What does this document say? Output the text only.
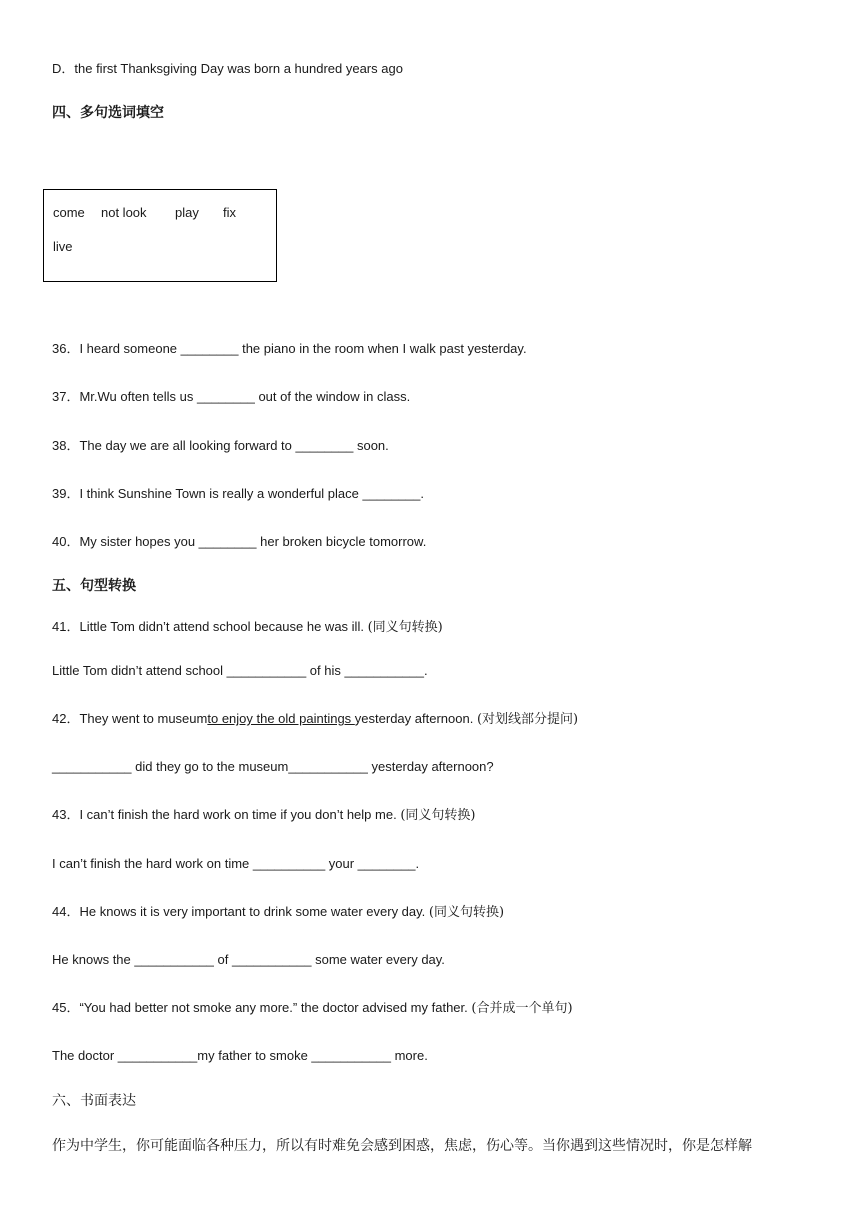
D．the first Thanksgiving Day was born a hundred years ago
四、多句选词填空
come not look play fix
live
36．I heard someone ________ the piano in the room when I walk past yesterday.
37．Mr.Wu often tells us ________ out of the window in class.
38．The day we are all looking forward to ________ soon.
39．I think Sunshine Town is really a wonderful place ________.
40．My sister hopes you ________ her broken bicycle tomorrow.
五、句型转换
41．Little Tom didn’t attend school because he was ill. (同义句转换)
Little Tom didn’t attend school ___________ of his ___________.
42．They went to museumto enjoy the old paintings yesterday afternoon. (对划线部分提问)
___________ did they go to the museum___________ yesterday afternoon?
43．I can’t finish the hard work on time if you don’t help me. (同义句转换)
I can’t finish the hard work on time __________ your ________.
44．He knows it is very important to drink some water every day. (同义句转换)
He knows the ___________ of ___________ some water every day.
45．“You had better not smoke any more.” the doctor advised my father. (合并成一个单句)
The doctor ___________my father to smoke ___________ more.
六、书面表达
作为中学生，你可能面临各种压力，所以有时难免会感到困惑，焦虑，伤心等。当你遇到这些情况时，你是怎样解
